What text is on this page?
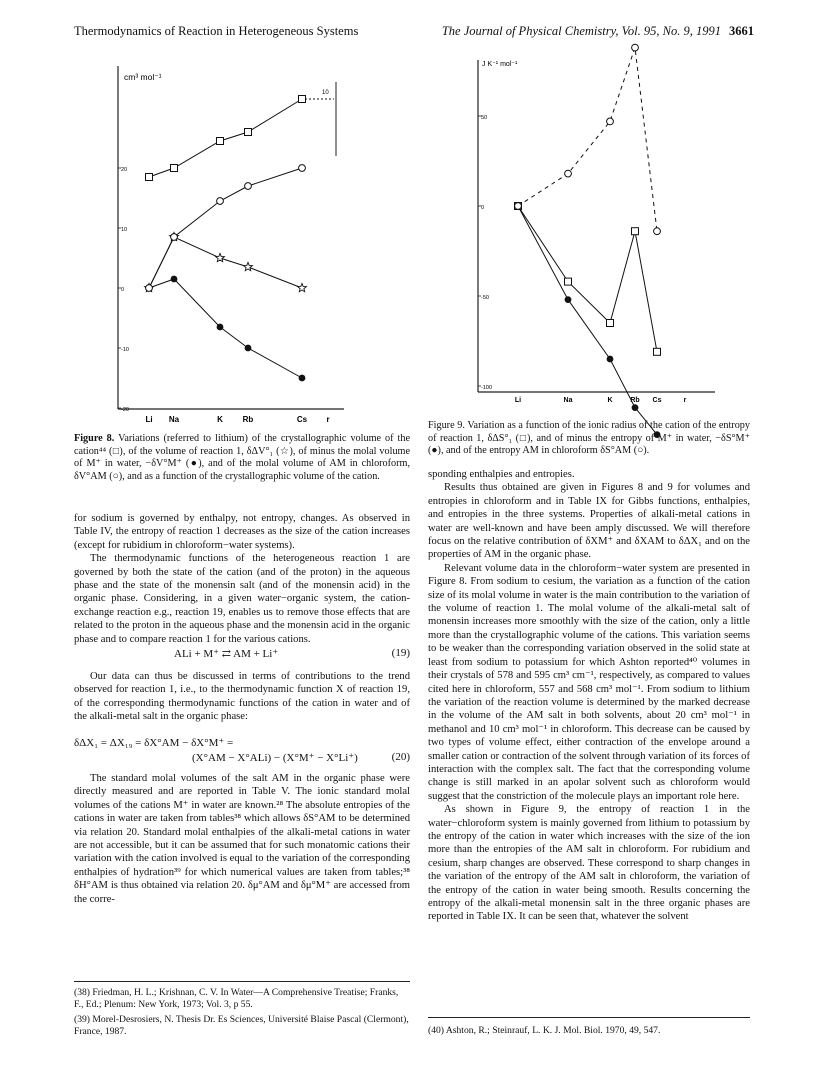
Thermodynamics of Reaction in Heterogeneous Systems	The Journal of Physical Chemistry, Vol. 95, No. 9, 1991 3661
cm³ mol⁻¹
20
10
0
-10
-20
Li Na	K Rb	Cs r
10
Figure 8. Variations (referred to lithium) of the crystallographic volume of the cation⁴⁴ (□), of the volume of reaction 1, δΔV°₁ (☆), of minus the molal volume of M⁺ in water, −δV°M⁺ (●), and of the molal volume of AM in chloroform, δV°AM (○), and as a function of the crystallographic volume of the cation.
J K⁻¹ mol⁻¹
50
0
-50
-100
Li	Na	K	Rb Cs	r
Figure 9. Variation as a function of the ionic radius of the cation of the entropy of reaction 1, δΔS°₁ (□), and of minus the entropy of M⁺ in water, −δS°M⁺ (●), and of the entropy AM in chloroform δS°AM (○).

for sodium is governed by enthalpy, not entropy, changes. As observed in Table IV, the entropy of reaction 1 decreases as the size of the cation increases (except for rubidium in chloroform−water systems).

The thermodynamic functions of the heterogeneous reaction 1 are governed by both the state of the cation (and of the proton) in the aqueous phase and the state of the monensin salt (and of the monensin acid) in the organic phase. Considering, in a given water−organic system, the cation-exchange reaction e.g., reaction 19, enables us to remove those effects that are related to the proton in the aqueous phase and the monensin acid in the organic phase and to compare reaction 1 for the various cations.

ALi + M⁺ ⇄ AM + Li⁺	(19)

Our data can thus be discussed in terms of contributions to the trend observed for reaction 1, i.e., to the thermodynamic function X of reaction 19, of the corresponding thermodynamic functions of the cation in water and of the alkali-metal salt in the organic phase:

δΔX₁ = ΔX₁₉ = δX°AM − δX°M⁺ =
(X°AM − X°ALi) − (X°M⁺ − X°Li⁺)	(20)

The standard molal volumes of the salt AM in the organic phase were directly measured and are reported in Table V. The ionic standard molal volumes of the cations M⁺ in water are known.²⁸ The absolute entropies of the cations in water are taken from tables³⁸ which allows δS°AM to be determined via relation 20. Standard molal enthalpies of the alkali-metal cations in water are not accessible, but it can be assumed that for such monatomic cations their variation with the cation involved is equal to the variation of the corresponding enthalpies of hydration³⁹ for which numerical values are taken from tables;³⁸ δH°AM is thus obtained via relation 20. δμ°AM and δμ°M⁺ are accessed from the corre-

(38) Friedman, H. L.; Krishnan, C. V. In Water—A Comprehensive Treatise; Franks, F., Ed.; Plenum: New York, 1973; Vol. 3, p 55.
(39) Morel-Desrosiers, N. Thesis Dr. Es Sciences, Université Blaise Pascal (Clermont), France, 1987.

sponding enthalpies and entropies.

Results thus obtained are given in Figures 8 and 9 for volumes and entropies in chloroform and in Table IX for Gibbs functions, enthalpies, and entropies in the three systems. Properties of alkali-metal cations in water are well-known and have been amply discussed. We will therefore focus on the relative contribution of δXM⁺ and δXAM to δΔX₁ and on the properties of AM in the organic phase.

Relevant volume data in the chloroform−water system are presented in Figure 8. From sodium to cesium, the variation as a function of the cation size of its molal volume in water is the main contribution to the variation of the volume of reaction 1. The molal volume of the alkali-metal salt of monensin increases more smoothly with the size of the cation, only a little more than the crystallographic volume of the cations. This variation seems to be weaker than the corresponding variation observed in the solid state at least from sodium to potassium for which Ashton reported⁴⁰ volumes in their crystals of 578 and 595 cm³ cm⁻¹, respectively, as compared to values cited here in chloroform, 557 and 568 cm³ mol⁻¹. From sodium to lithium the variation of the reaction volume is determined by the marked decrease in the volume of the AM salt in both solvents, about 20 cm³ mol⁻¹ in methanol and 10 cm³ mol⁻¹ in chloroform. This decrease can be caused by two types of volume effect, either contraction of the envelope around a smaller cation or contraction of the solvent through variation of its forces of interaction with the complex salt. The fact that the corresponding volume change is still marked in an apolar solvent such as chloroform would suggest that the constriction of the molecule plays an important role here.

As shown in Figure 9, the entropy of reaction 1 in the water−chloroform system is mainly governed from lithium to potassium by the entropy of the cation in water which increases with the size of the ion more than the entropies of the AM salt in chloroform. For rubidium and cesium, sharp changes are observed. These correspond to sharp changes in the variation of the entropy of the AM salt in chloroform, the variation of the entropy of the cation in water being smooth. Results concerning the entropy of the alkali-metal monensin salt in the three organic phases are reported in Table IX. It can be seen that, whatever the solvent

(40) Ashton, R.; Steinrauf, L. K. J. Mol. Biol. 1970, 49, 547.
